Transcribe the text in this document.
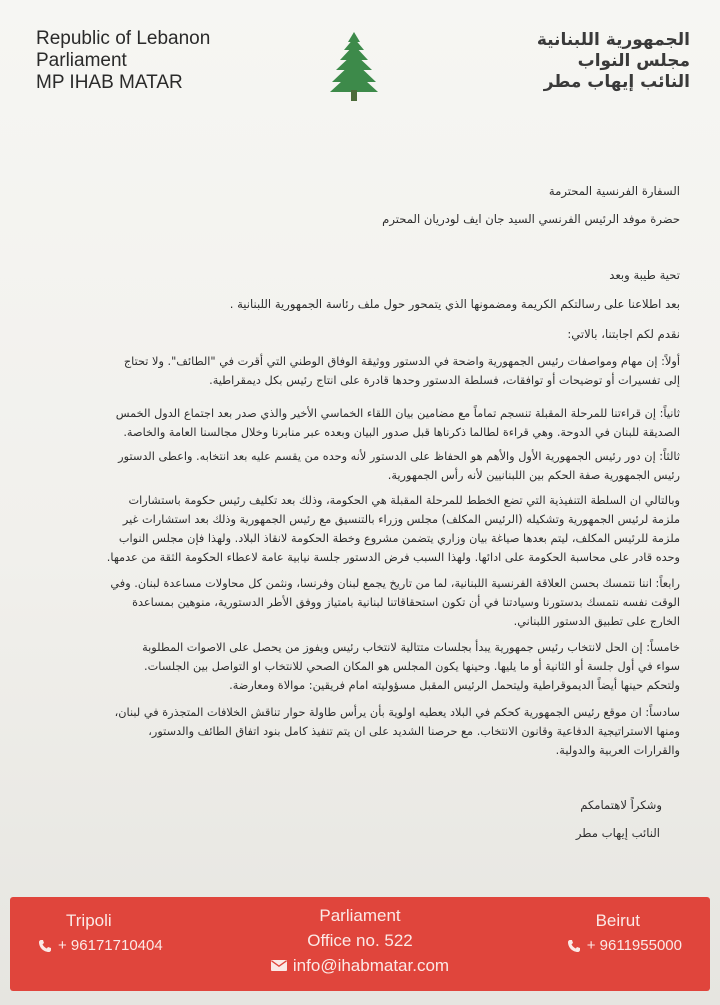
Republic of Lebanon
Parliament
MP IHAB MATAR
الجمهورية اللبنانية
مجلس النواب
النائب إيهاب مطر
السفارة الفرنسية المحترمة
حضرة موفد الرئيس الفرنسي السيد جان ايف لودريان المحترم
تحية طيبة وبعد
بعد اطلاعنا على رسالتكم الكريمة ومضمونها الذي يتمحور حول ملف رئاسة الجمهورية اللبنانية .
نقدم لكم اجابتنا، بالاتي:
أولاً: إن مهام ومواصفات رئيس الجمهورية واضحة في الدستور ووثيقة الوفاق الوطني التي أقرت في "الطائف". ولا تحتاج
إلى تفسيرات أو توضيحات أو توافقات، فسلطة الدستور وحدها قادرة على انتاج رئيس بكل ديمقراطية.
ثانياً: إن قراءتنا للمرحلة المقبلة تنسجم تماماً مع مضامين بيان اللقاء الخماسي الأخير والذي صدر بعد اجتماع الدول الخمس
الصديقة للبنان في الدوحة. وهي قراءة لطالما ذكرناها قبل صدور البيان وبعده عبر منابرنا وخلال مجالسنا العامة والخاصة.
ثالثاً: إن دور رئيس الجمهورية الأول والأهم هو الحفاظ على الدستور لأنه وحده من يقسم عليه بعد انتخابه. واعطى الدستور
رئيس الجمهورية صفة الحكم بين اللبنانيين لأنه رأس الجمهورية.
وبالتالي ان السلطة التنفيذية التي تضع الخطط للمرحلة المقبلة هي الحكومة، وذلك بعد تكليف رئيس حكومة باستشارات
ملزمة لرئيس الجمهورية وتشكيله (الرئيس المكلف) مجلس وزراء بالتنسيق مع رئيس الجمهورية وذلك بعد استشارات غير
ملزمة للرئيس المكلف، ليتم بعدها صياغة بيان وزاري يتضمن مشروع وخطة الحكومة لانقاذ البلاد. ولهذا فإن مجلس النواب
وحده قادر على محاسبة الحكومة على ادائها. ولهذا السبب فرض الدستور جلسة نيابية عامة لاعطاء الحكومة الثقة من عدمها.
رابعاً: اننا نتمسك بحسن العلاقة الفرنسية اللبنانية، لما من تاريخ يجمع لبنان وفرنسا، ونثمن كل محاولات مساعدة لبنان. وفي
الوقت نفسه نتمسك بدستورنا وسيادتنا في أن تكون استحقاقاتنا لبنانية بامتياز ووفق الأطر الدستورية، منوهين بمساعدة
الخارج على تطبيق الدستور اللبناني.
خامساً: إن الحل لانتخاب رئيس جمهورية يبدأ بجلسات متتالية لانتخاب رئيس ويفوز من يحصل على الاصوات المطلوبة
سواء في أول جلسة أو الثانية أو ما يليها. وحينها يكون المجلس هو المكان الصحي للانتخاب او التواصل بين الجلسات.
ولتحكم حينها أيضاً الديموقراطية وليتحمل الرئيس المقبل مسؤوليته امام فريقين: موالاة ومعارضة.
سادساً: ان موقع رئيس الجمهورية كحكم في البلاد يعطيه اولوية بأن يرأس طاولة حوار تناقش الخلافات المتجذرة في لبنان،
ومنها الاستراتيجية الدفاعية وقانون الانتخاب. مع حرصنا الشديد على ان يتم تنفيذ كامل بنود اتفاق الطائف والدستور،
والقرارات العربية والدولية.
وشكراً لاهتمامكم
النائب إيهاب مطر
Tripoli
+ 96171710404
Parliament
Office no. 522
info@ihabmatar.com
Beirut
+ 9611955000
